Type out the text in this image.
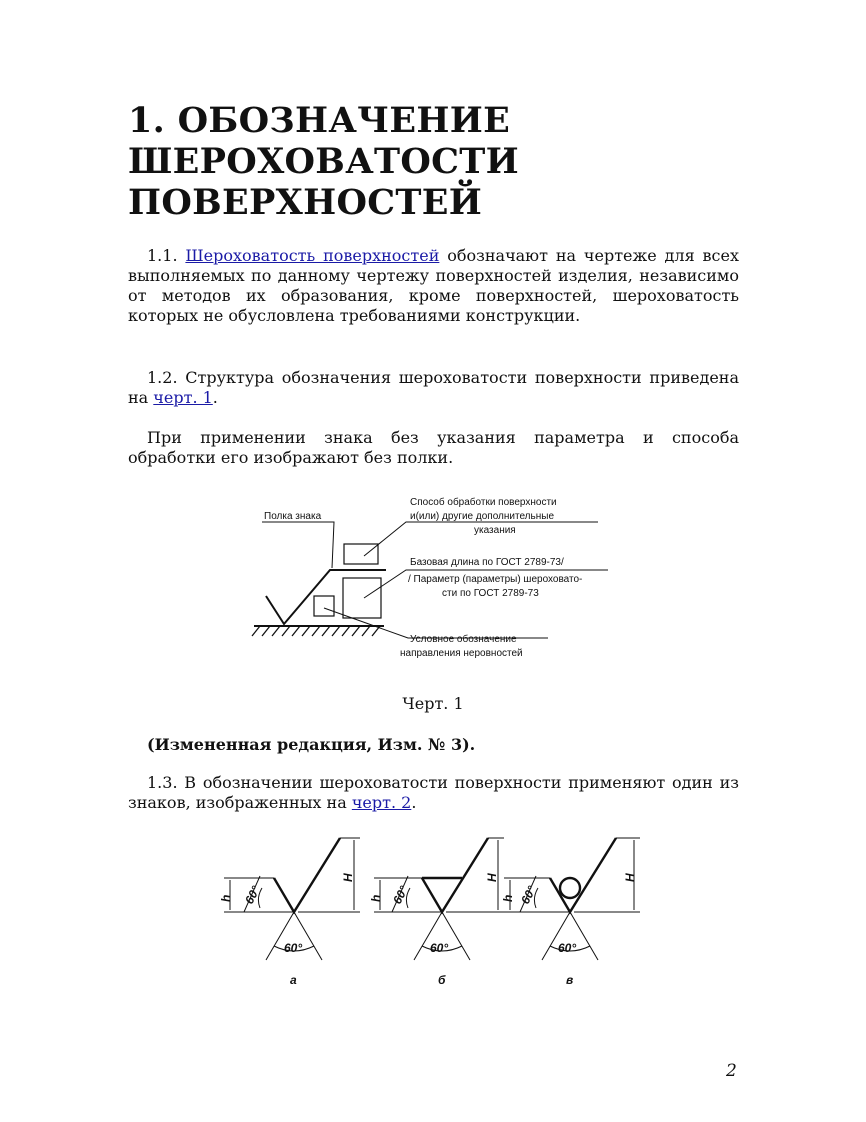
1. ОБОЗНАЧЕНИЕ
ШЕРОХОВАТОСТИ
ПОВЕРХНОСТЕЙ

1.1. Шероховатость поверхностей обозначают на чертеже для всех выполняемых по данному чертежу поверхностей изделия, независимо от методов их образования, кроме поверхностей, шероховатость которых не обусловлена требованиями конструкции.

1.2. Структура обозначения шероховатости поверхности приведена на черт. 1.

При применении знака без указания параметра и способа обработки его изображают без полки.

Полка знака
Способ обработки поверхности
и(или) другие дополнительные
указания
Базовая длина по ГОСТ 2789-73/
/ Параметр (параметры) шероховато-
сти по ГОСТ 2789-73
Условное обозначение
направления неровностей

Черт. 1

(Измененная редакция, Изм. № 3).

1.3. В обозначении шероховатости поверхности применяют один из знаков, изображенных на черт. 2.

h
H
60°
60°
а
h
H
60°
60°
б
h
H
60°
60°
в

2
